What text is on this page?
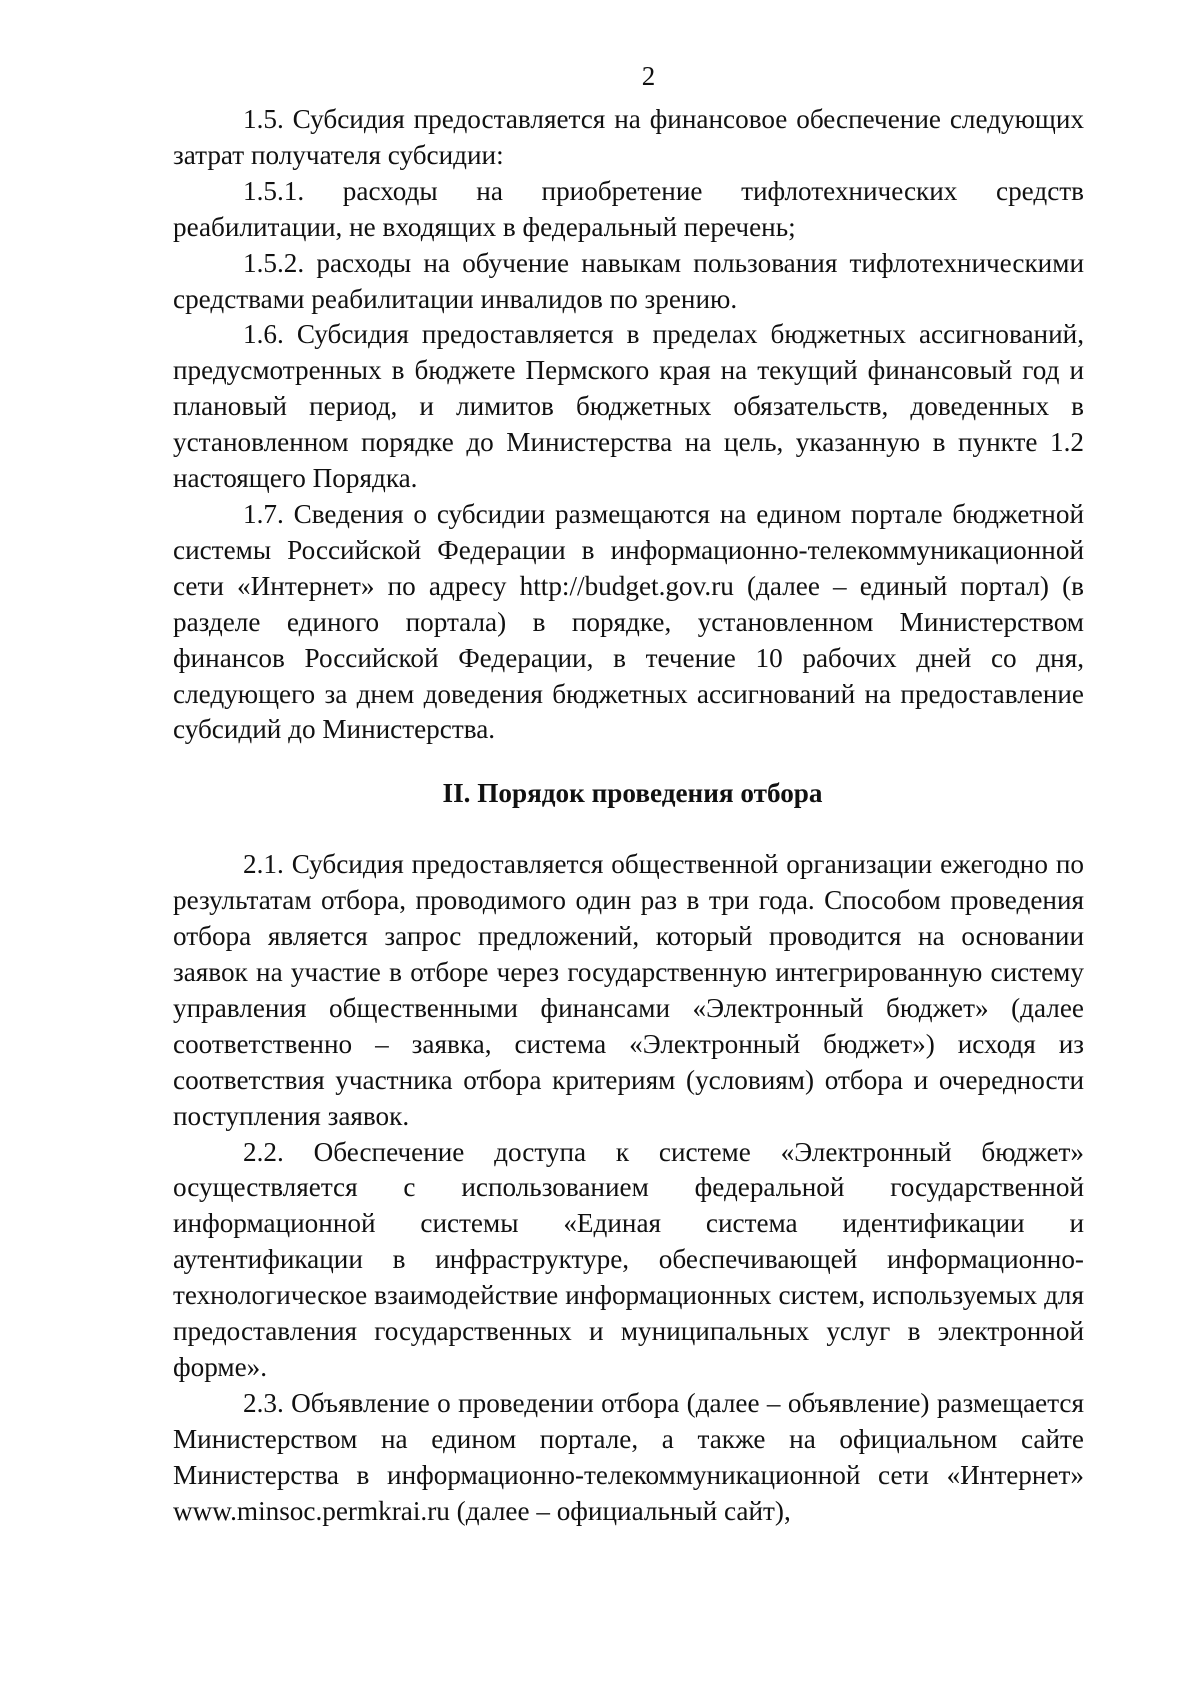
2

1.5. Субсидия предоставляется на финансовое обеспечение следующих затрат получателя субсидии:

1.5.1. расходы на приобретение тифлотехнических средств реабилитации, не входящих в федеральный перечень;

1.5.2. расходы на обучение навыкам пользования тифлотехническими средствами реабилитации инвалидов по зрению.

1.6. Субсидия предоставляется в пределах бюджетных ассигнований, предусмотренных в бюджете Пермского края на текущий финансовый год и плановый период, и лимитов бюджетных обязательств, доведенных в установленном порядке до Министерства на цель, указанную в пункте 1.2 настоящего Порядка.

1.7. Сведения о субсидии размещаются на едином портале бюджетной системы Российской Федерации в информационно-телекоммуникационной сети «Интернет» по адресу http://budget.gov.ru (далее – единый портал) (в разделе единого портала) в порядке, установленном Министерством финансов Российской Федерации, в течение 10 рабочих дней со дня, следующего за днем доведения бюджетных ассигнований на предоставление субсидий до Министерства.

II. Порядок проведения отбора

2.1. Субсидия предоставляется общественной организации ежегодно по результатам отбора, проводимого один раз в три года. Способом проведения отбора является запрос предложений, который проводится на основании заявок на участие в отборе через государственную интегрированную систему управления общественными финансами «Электронный бюджет» (далее соответственно – заявка, система «Электронный бюджет») исходя из соответствия участника отбора критериям (условиям) отбора и очередности поступления заявок.

2.2. Обеспечение доступа к системе «Электронный бюджет» осуществляется с использованием федеральной государственной информационной системы «Единая система идентификации и аутентификации в инфраструктуре, обеспечивающей информационно-технологическое взаимодействие информационных систем, используемых для предоставления государственных и муниципальных услуг в электронной форме».

2.3. Объявление о проведении отбора (далее – объявление) размещается Министерством на едином портале, а также на официальном сайте Министерства в информационно-телекоммуникационной сети «Интернет» www.minsoc.permkrai.ru (далее – официальный сайт),
